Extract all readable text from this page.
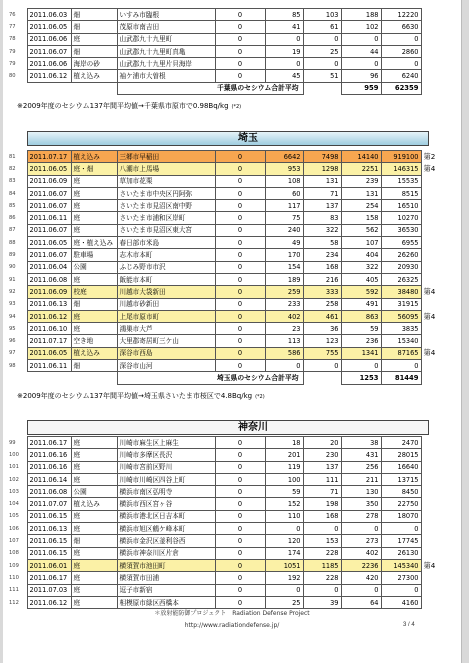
76	2011.06.03	畑	いすみ市臨根	0	85	103	188	12220	
77	2011.06.05	畑	茂原市南吉田	0	41	61	102	6630	
78	2011.06.06	庭	山武郡九十九里町	0	0	0	0	0	
79	2011.06.07	畑	山武郡九十九里町真亀	0	19	25	44	2860	
79	2011.06.06	海岸の砂	山武郡九十九里片貝海岸	0	0	0	0	0	
80	2011.06.12	植え込み	袖ケ浦市大曽根	0	45	51	96	6240	
			千葉県のセシウム合計平均				959	62359	
※2009年度のセシウム137年間平均値→千葉県市原市で0.98Bq/kg (*2)
埼玉
81	2011.07.17	植え込み	三郷市早稲田	0	6642	7498	14140	919100	第2
82	2011.06.05	庭・畑	八潮市上馬場	0	953	1298	2251	146315	第4
83	2011.06.09	庭	草加市花栗	0	108	131	239	15535	
84	2011.06.07	庭	さいたま市中央区円阿弥	0	60	71	131	8515	
85	2011.06.07	庭	さいたま市見沼区南中野	0	117	137	254	16510	
86	2011.06.11	庭	さいたま市浦和区岸町	0	75	83	158	10270	
87	2011.06.07	庭	さいたま市見沼区東大宮	0	240	322	562	36530	
88	2011.06.05	庭・植え込み	春日部市米島	0	49	58	107	6955	
89	2011.06.07	駐車場	志木市本町	0	170	234	404	26260	
90	2011.06.04	公園	ふじみ野市市沢	0	154	168	322	20930	
91	2011.06.08	庭	飯能市本町	0	189	216	405	26325	
92	2011.06.09	校庭	川越市大袋新田	0	259	333	592	38480	第4
93	2011.06.13	畑	川越市砂新田	0	233	258	491	31915	
94	2011.06.12	庭	上尾市原市町	0	402	461	863	56095	第4
95	2011.06.10	庭	鴻巣市大芦	0	23	36	59	3835	
96	2011.07.17	空き地	大里郡寄居町三ケ山	0	113	123	236	15340	
97	2011.06.05	植え込み	深谷市西島	0	586	755	1341	87165	第4
98	2011.06.11	畑	深谷市山河	0	0	0	0	0	
			埼玉県のセシウム合計平均				1253	81449	
※2009年度のセシウム137年間平均値→埼玉県さいたま市桜区で4.8Bq/kg (*2)
神奈川
99	2011.06.17	庭	川崎市麻生区上麻生	0	18	20	38	2470	
100	2011.06.16	庭	川崎市多摩区長沢	0	201	230	431	28015	
101	2011.06.16	庭	川崎市宮前区野川	0	119	137	256	16640	
102	2011.06.14	庭	川崎市川崎区四谷上町	0	100	111	211	13715	
103	2011.06.08	公園	横浜市南区弘明寺	0	59	71	130	8450	
104	2011.07.07	植え込み	横浜市西区宮ヶ谷	0	152	198	350	22750	
105	2011.06.15	庭	横浜市港北区日吉本町	0	110	168	278	18070	
106	2011.06.13	庭	横浜市旭区鶴ケ峰本町	0	0	0	0	0	
107	2011.06.15	畑	横浜市金沢区釜利谷西	0	120	153	273	17745	
108	2011.06.15	庭	横浜市神奈川区片倉	0	174	228	402	26130	
109	2011.06.01	庭	横須賀市池田町	0	1051	1185	2236	145340	第4
110	2011.06.17	庭	横須賀市田浦	0	192	228	420	27300	
111	2011.07.03	庭	逗子市新宿	0	0	0	0	0	
112	2011.06.12	庭	相模原市緑区西橋本	0	25	39	64	4160	
＊放射能防御プロジェクト　Radiation Defense Project
http://www.radiationdefense.jp/	3 / 4
